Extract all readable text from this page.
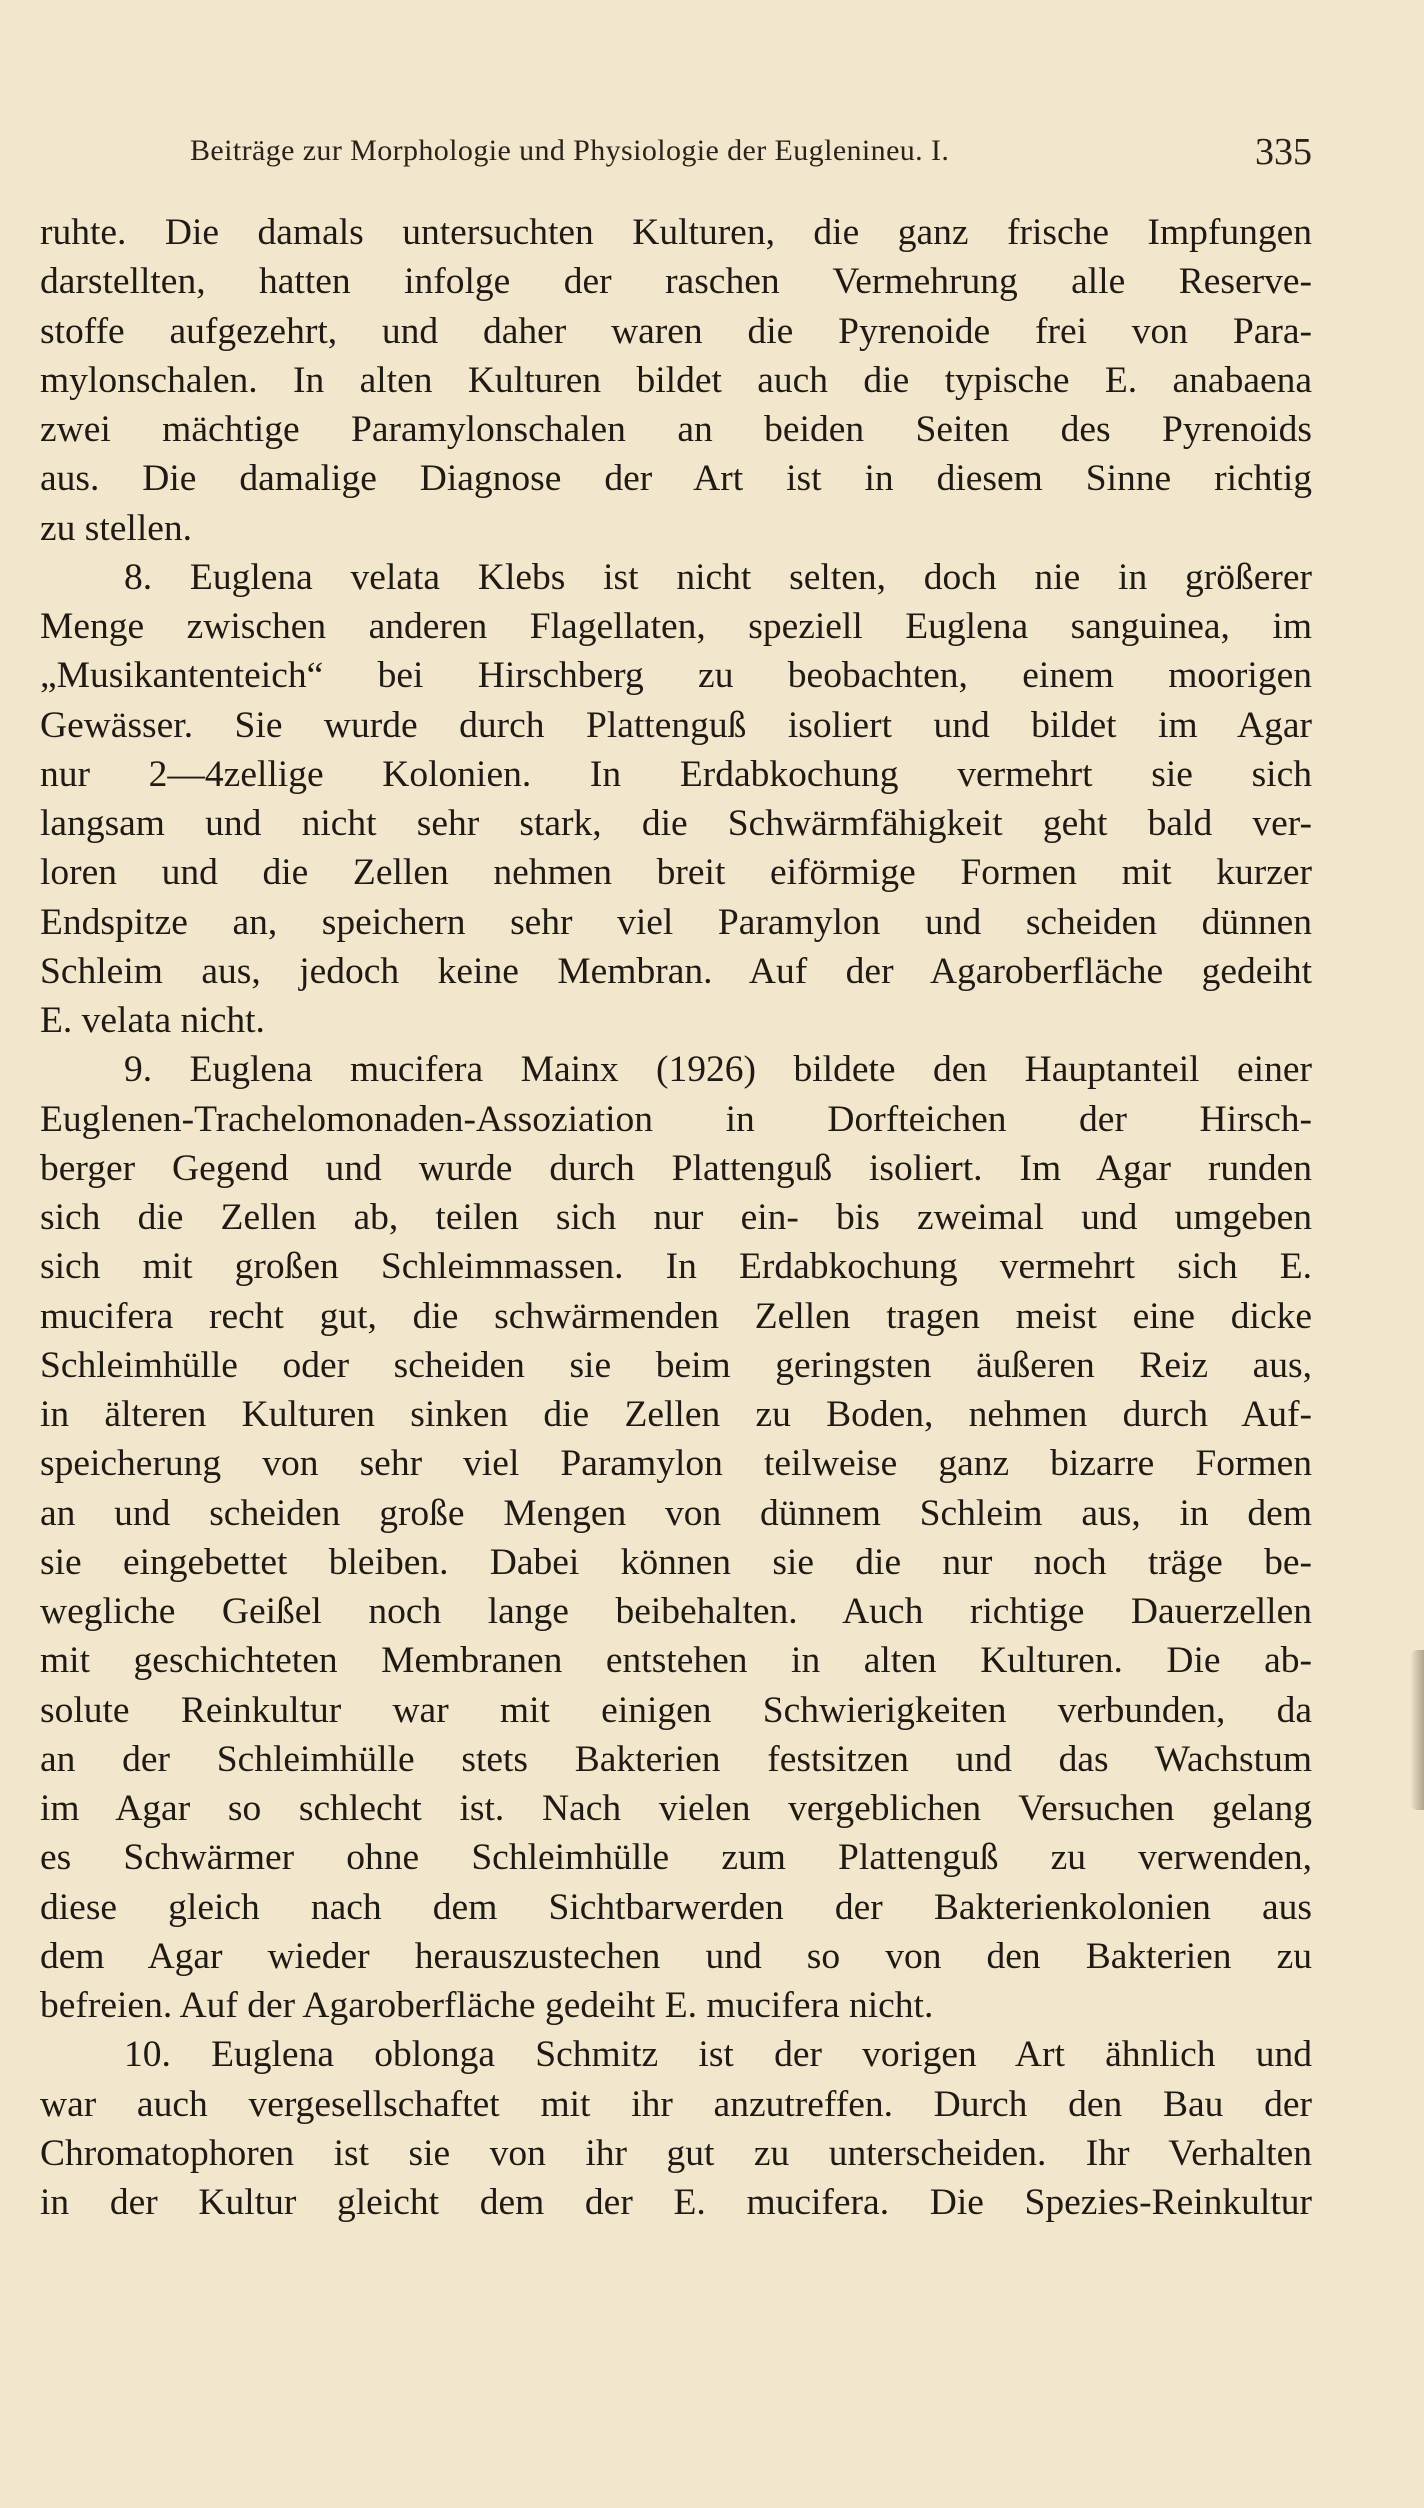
Beiträge zur Morphologie und Physiologie der Euglenineu. I.	335
ruhte. Die damals untersuchten Kulturen, die ganz frische Impfungen
darstellten, hatten infolge der raschen Vermehrung alle Reserve-
stoffe aufgezehrt, und daher waren die Pyrenoide frei von Para-
mylonschalen. In alten Kulturen bildet auch die typische E. anabaena
zwei mächtige Paramylonschalen an beiden Seiten des Pyrenoids
aus. Die damalige Diagnose der Art ist in diesem Sinne richtig
zu stellen.
8. Euglena velata Klebs ist nicht selten, doch nie in größerer
Menge zwischen anderen Flagellaten, speziell Euglena sanguinea, im
„Musikantenteich“ bei Hirschberg zu beobachten, einem moorigen
Gewässer. Sie wurde durch Plattenguß isoliert und bildet im Agar
nur 2—4zellige Kolonien. In Erdabkochung vermehrt sie sich
langsam und nicht sehr stark, die Schwärmfähigkeit geht bald ver-
loren und die Zellen nehmen breit eiförmige Formen mit kurzer
Endspitze an, speichern sehr viel Paramylon und scheiden dünnen
Schleim aus, jedoch keine Membran. Auf der Agaroberfläche gedeiht
E. velata nicht.
9. Euglena mucifera Mainx (1926) bildete den Hauptanteil einer
Euglenen-Trachelomonaden-Assoziation in Dorfteichen der Hirsch-
berger Gegend und wurde durch Plattenguß isoliert. Im Agar runden
sich die Zellen ab, teilen sich nur ein- bis zweimal und umgeben
sich mit großen Schleimmassen. In Erdabkochung vermehrt sich E.
mucifera recht gut, die schwärmenden Zellen tragen meist eine dicke
Schleimhülle oder scheiden sie beim geringsten äußeren Reiz aus,
in älteren Kulturen sinken die Zellen zu Boden, nehmen durch Auf-
speicherung von sehr viel Paramylon teilweise ganz bizarre Formen
an und scheiden große Mengen von dünnem Schleim aus, in dem
sie eingebettet bleiben. Dabei können sie die nur noch träge be-
wegliche Geißel noch lange beibehalten. Auch richtige Dauerzellen
mit geschichteten Membranen entstehen in alten Kulturen. Die ab-
solute Reinkultur war mit einigen Schwierigkeiten verbunden, da
an der Schleimhülle stets Bakterien festsitzen und das Wachstum
im Agar so schlecht ist. Nach vielen vergeblichen Versuchen gelang
es Schwärmer ohne Schleimhülle zum Plattenguß zu verwenden,
diese gleich nach dem Sichtbarwerden der Bakterienkolonien aus
dem Agar wieder herauszustechen und so von den Bakterien zu
befreien. Auf der Agaroberfläche gedeiht E. mucifera nicht.
10. Euglena oblonga Schmitz ist der vorigen Art ähnlich und
war auch vergesellschaftet mit ihr anzutreffen. Durch den Bau der
Chromatophoren ist sie von ihr gut zu unterscheiden. Ihr Verhalten
in der Kultur gleicht dem der E. mucifera. Die Spezies-Reinkultur
